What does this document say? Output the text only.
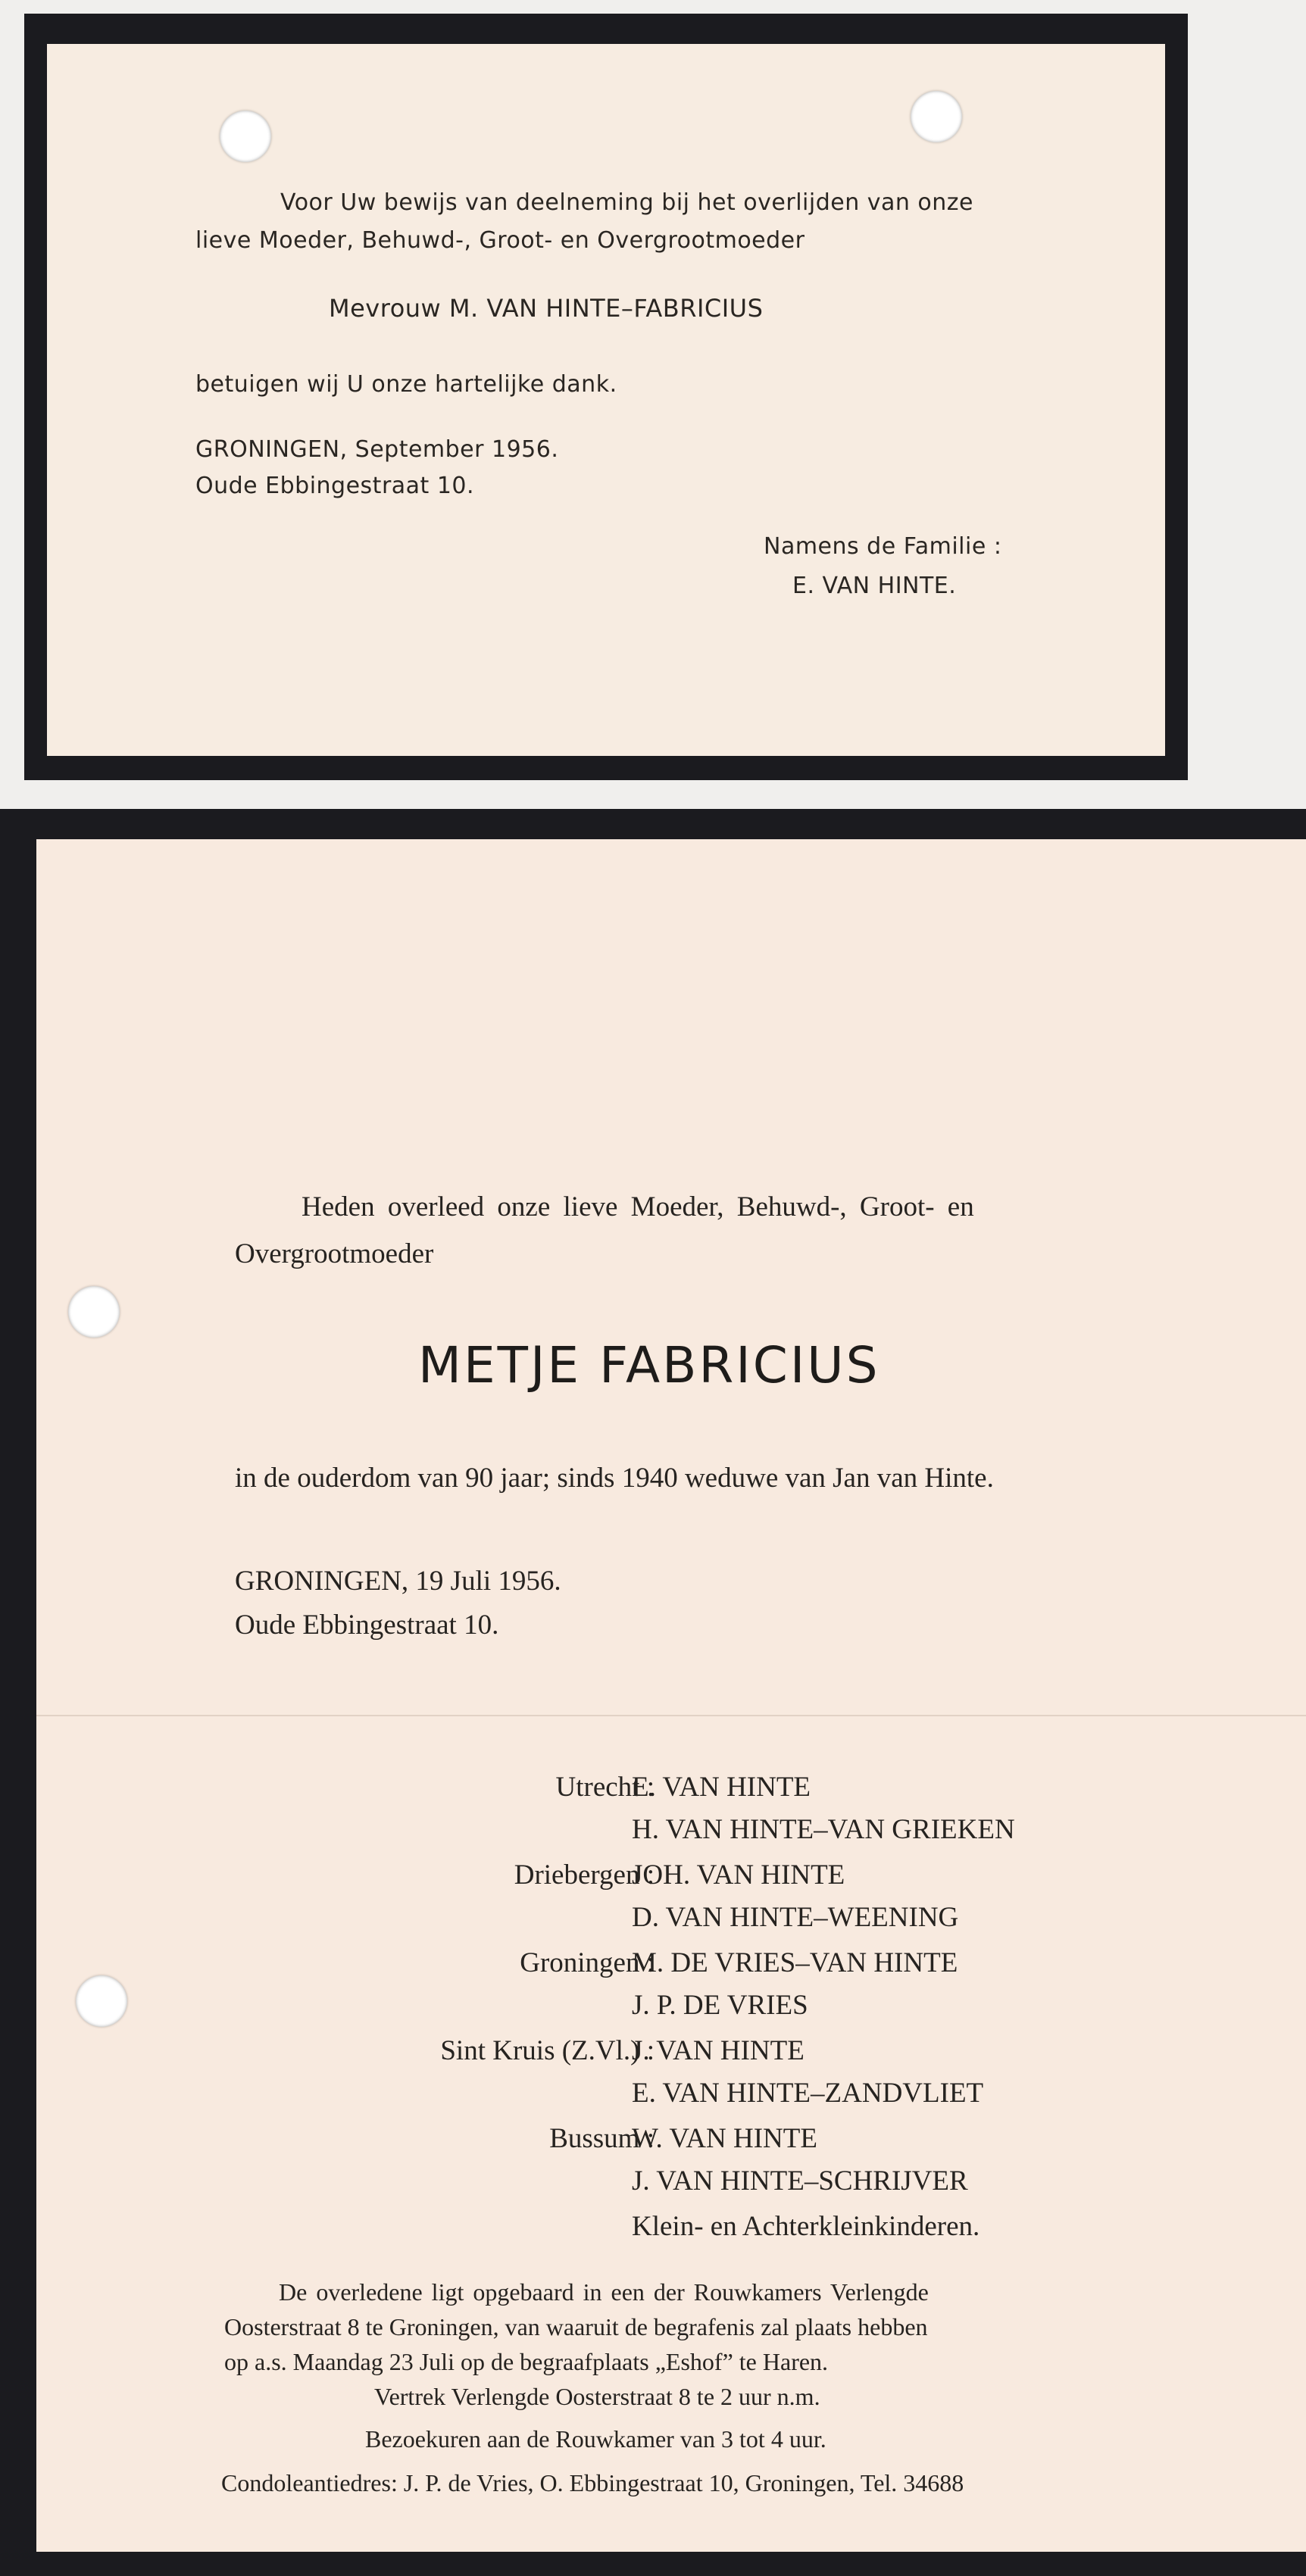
Voor Uw bewijs van deelneming bij het overlijden van onze
lieve Moeder, Behuwd-, Groot- en Overgrootmoeder
Mevrouw M. VAN HINTE–FABRICIUS
betuigen wij U onze hartelijke dank.
GRONINGEN, September 1956.
Oude Ebbingestraat 10.
Namens de Familie :
E. VAN HINTE.
Heden overleed onze lieve Moeder, Behuwd-, Groot- en
Overgrootmoeder
METJE FABRICIUS
in de ouderdom van 90 jaar; sinds 1940 weduwe van Jan van Hinte.
GRONINGEN, 19 Juli 1956.
Oude Ebbingestraat 10.
Utrecht :
E. VAN HINTE
H. VAN HINTE–VAN GRIEKEN
Driebergen :
JOH. VAN HINTE
D. VAN HINTE–WEENING
Groningen :
M. DE VRIES–VAN HINTE
J. P. DE VRIES
Sint Kruis (Z.Vl.) :
J. VAN HINTE
E. VAN HINTE–ZANDVLIET
Bussum :
W. VAN HINTE
J. VAN HINTE–SCHRIJVER
Klein- en Achterkleinkinderen.
De overledene ligt opgebaard in een der Rouwkamers Verlengde
Oosterstraat 8 te Groningen, van waaruit de begrafenis zal plaats hebben
op a.s. Maandag 23 Juli op de begraafplaats „Eshof” te Haren.
Vertrek Verlengde Oosterstraat 8 te 2 uur n.m.
Bezoekuren aan de Rouwkamer van 3 tot 4 uur.
Condoleantiedres: J. P. de Vries, O. Ebbingestraat 10, Groningen, Tel. 34688
